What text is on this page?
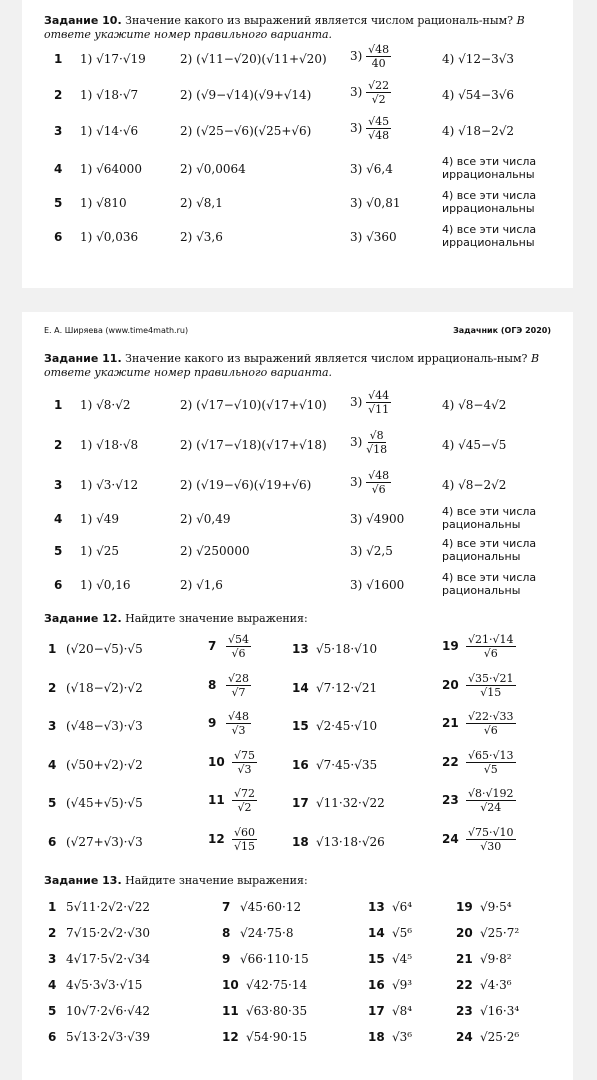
Задание 10. Значение какого из выражений является числом рациональ-ным? В ответе укажите номер правильного варианта.
1 1) √17·√19	2) (√11−√20)(√11+√20) $3) \frac{√48}{40}$	4) √12−3√3
2 1) √18·√7	2) (√9−√14)(√9+√14)	$3) \frac{√22}{√2}$	4) √54−3√6
3 1) √14·√6	2) (√25−√6)(√25+√6)	$3) \frac{√45}{√48}$	4) √18−2√2
4 1) √64000	2) √0,0064	3) √6,4
4) все эти числа
иррациональны
5 1) √810	2) √8,1	3) √0,81
4) все эти числа
иррациональны
6 1) √0,036	2) √3,6	3) √360
4) все эти числа
иррациональны
Е. А. Ширяева (www.time4math.ru)	Задачник (ОГЭ 2020)
Задание 11. Значение какого из выражений является числом иррациональ-ным? В ответе укажите номер правильного варианта.
1 1) √8·√2	2) (√17−√10)(√17+√10) $3) \frac{√44}{√11}$	4) √8−4√2
2 1) √18·√8	2) (√17−√18)(√17+√18) $3) \frac{√8}{√18}$	4) √45−√5
3 1) √3·√12	2) (√19−√6)(√19+√6)	$3) \frac{√48}{√6}$	4) √8−2√2
4 1) √49	2) √0,49	3) √4900
4) все эти числа
рациональны
5 1) √25	2) √250000	3) √2,5
4) все эти числа
рациональны
6 1) √0,16	2) √1,6	3) √1600
4) все эти числа
рациональны
Задание 12. Найдите значение выражения:
1 (√20−√5)·√5	$7 \frac{√54}{√6}$	13 √5·18·√10	$19 \frac{√21\cdot√14}{√6}$
2 (√18−√2)·√2	$8 \frac{√28}{√7}$	14 √7·12·√21	$20 \frac{√35\cdot√21}{√15}$
3 (√48−√3)·√3	$9 \frac{√48}{√3}$	15 √2·45·√10	$21 \frac{√22\cdot√33}{√6}$
4 (√50+√2)·√2	$10 \frac{√75}{√3}$	16 √7·45·√35	$22 \frac{√65\cdot√13}{√5}$
5 (√45+√5)·√5	$11 \frac{√72}{√2}$	17 √11·32·√22	$23 \frac{√8\cdot√192}{√24}$
6 (√27+√3)·√3	$12 \frac{√60}{√15}$	18 √13·18·√26	$24 \frac{√75\cdot√10}{√30}$
Задание 13. Найдите значение выражения:
1 5√11·2√2·√22	7 √45·60·12	13 √6⁴	19 √9·5⁴
2 7√15·2√2·√30	8 √24·75·8	14 √5⁶	20 √25·7²
3 4√17·5√2·√34	9 √66·110·15	15 √4⁵	21 √9·8²
4 4√5·3√3·√15	10 √42·75·14	16 √9³	22 √4·3⁶
5 10√7·2√6·√42	11 √63·80·35	17 √8⁴	23 √16·3⁴
6 5√13·2√3·√39	12 √54·90·15	18 √3⁶	24 √25·2⁶
